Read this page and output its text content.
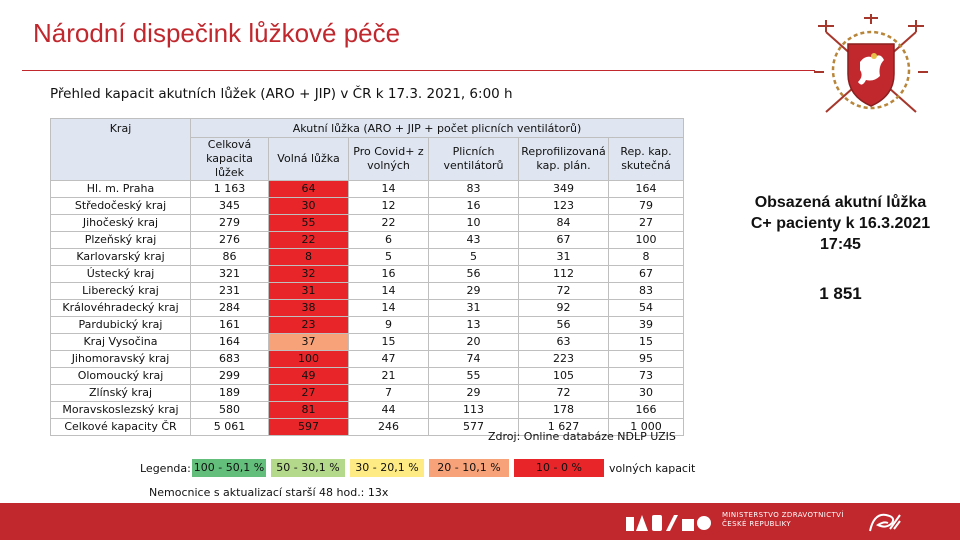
Národní dispečink lůžkové péče
Přehled kapacit akutních lůžek (ARO + JIP) v ČR k 17.3. 2021, 6:00 h
Kraj	Akutní lůžka (ARO + JIP + počet plicních ventilátorů)					
	Celková kapacita lůžek	Volná lůžka	Pro Covid+ z volných	Plicních ventilátorů	Reprofilizovaná kap. plán.	Rep. kap. skutečná
Hl. m. Praha	1 163	64	14	83	349	164
Středočeský kraj	345	30	12	16	123	79
Jihočeský kraj	279	55	22	10	84	27
Plzeňský kraj	276	22	6	43	67	100
Karlovarský kraj	86	8	5	5	31	8
Ústecký kraj	321	32	16	56	112	67
Liberecký kraj	231	31	14	29	72	83
Královéhradecký kraj	284	38	14	31	92	54
Pardubický kraj	161	23	9	13	56	39
Kraj Vysočina	164	37	15	20	63	15
Jihomoravský kraj	683	100	47	74	223	95
Olomoucký kraj	299	49	21	55	105	73
Zlínský kraj	189	27	7	29	72	30
Moravskoslezský kraj	580	81	44	113	178	166
Celkové kapacity ČR	5 061	597	246	577	1 627	1 000
Zdroj: Online databáze NDLP UZIS
Legenda: 100 - 50,1 %	50 - 30,1 %	30 - 20,1 %	20 - 10,1 %	10 - 0 %	volných kapacit
Nemocnice s aktualizací starší 48 hod.: 13x
Obsazená akutní lůžka C+ pacienty k 16.3.2021 17:45
1 851
MINISTERSTVO ZDRAVOTNICTVÍ
ČESKÉ REPUBLIKY
